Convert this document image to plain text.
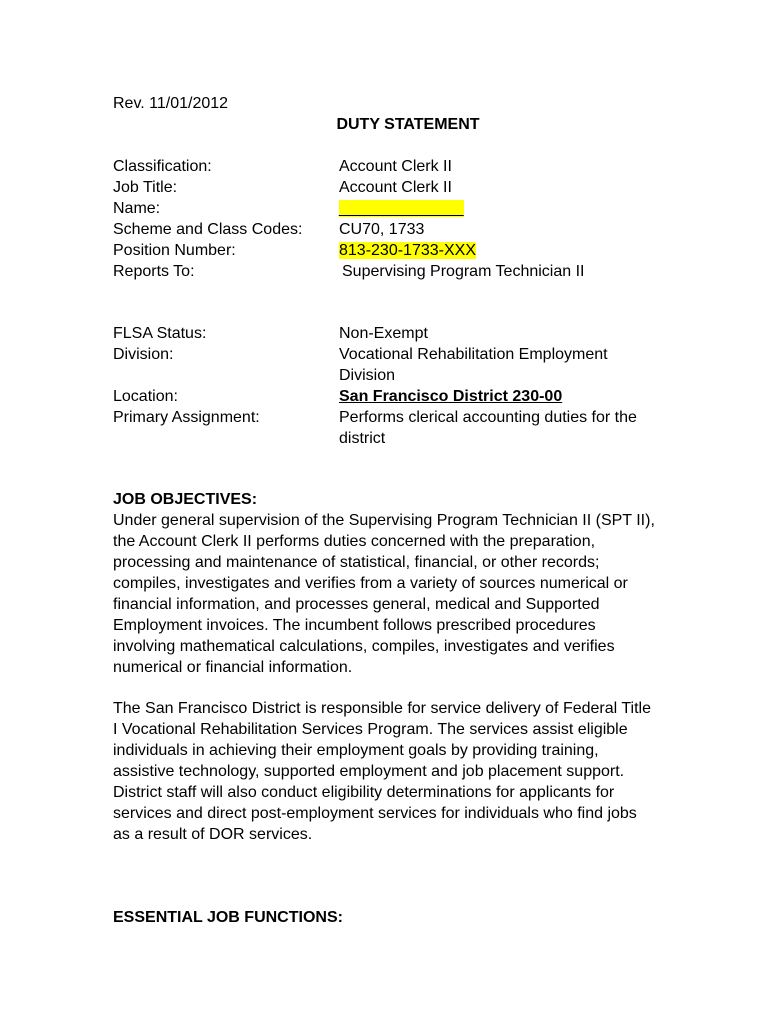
Rev. 11/01/2012
DUTY STATEMENT
Classification:	Account Clerk II
Job Title:	Account Clerk II
Name:	______________
Scheme and Class Codes: CU70, 1733
Position Number:	813-230-1733-XXX
Reports To:	Supervising Program Technician II
FLSA Status:	Non-Exempt
Division:	Vocational Rehabilitation Employment Division
Location:	San Francisco District 230-00
Primary Assignment:	Performs clerical accounting duties for the district
JOB OBJECTIVES:

Under general supervision of the Supervising Program Technician II (SPT II), the Account Clerk II performs duties concerned with the preparation, processing and maintenance of statistical, financial, or other records; compiles, investigates and verifies from a variety of sources numerical or financial information, and processes general, medical and Supported Employment invoices. The incumbent follows prescribed procedures involving mathematical calculations, compiles, investigates and verifies numerical or financial information.

The San Francisco District is responsible for service delivery of Federal Title I Vocational Rehabilitation Services Program. The services assist eligible individuals in achieving their employment goals by providing training, assistive technology, supported employment and job placement support. District staff will also conduct eligibility determinations for applicants for services and direct post-employment services for individuals who find jobs as a result of DOR services.

ESSENTIAL JOB FUNCTIONS:
